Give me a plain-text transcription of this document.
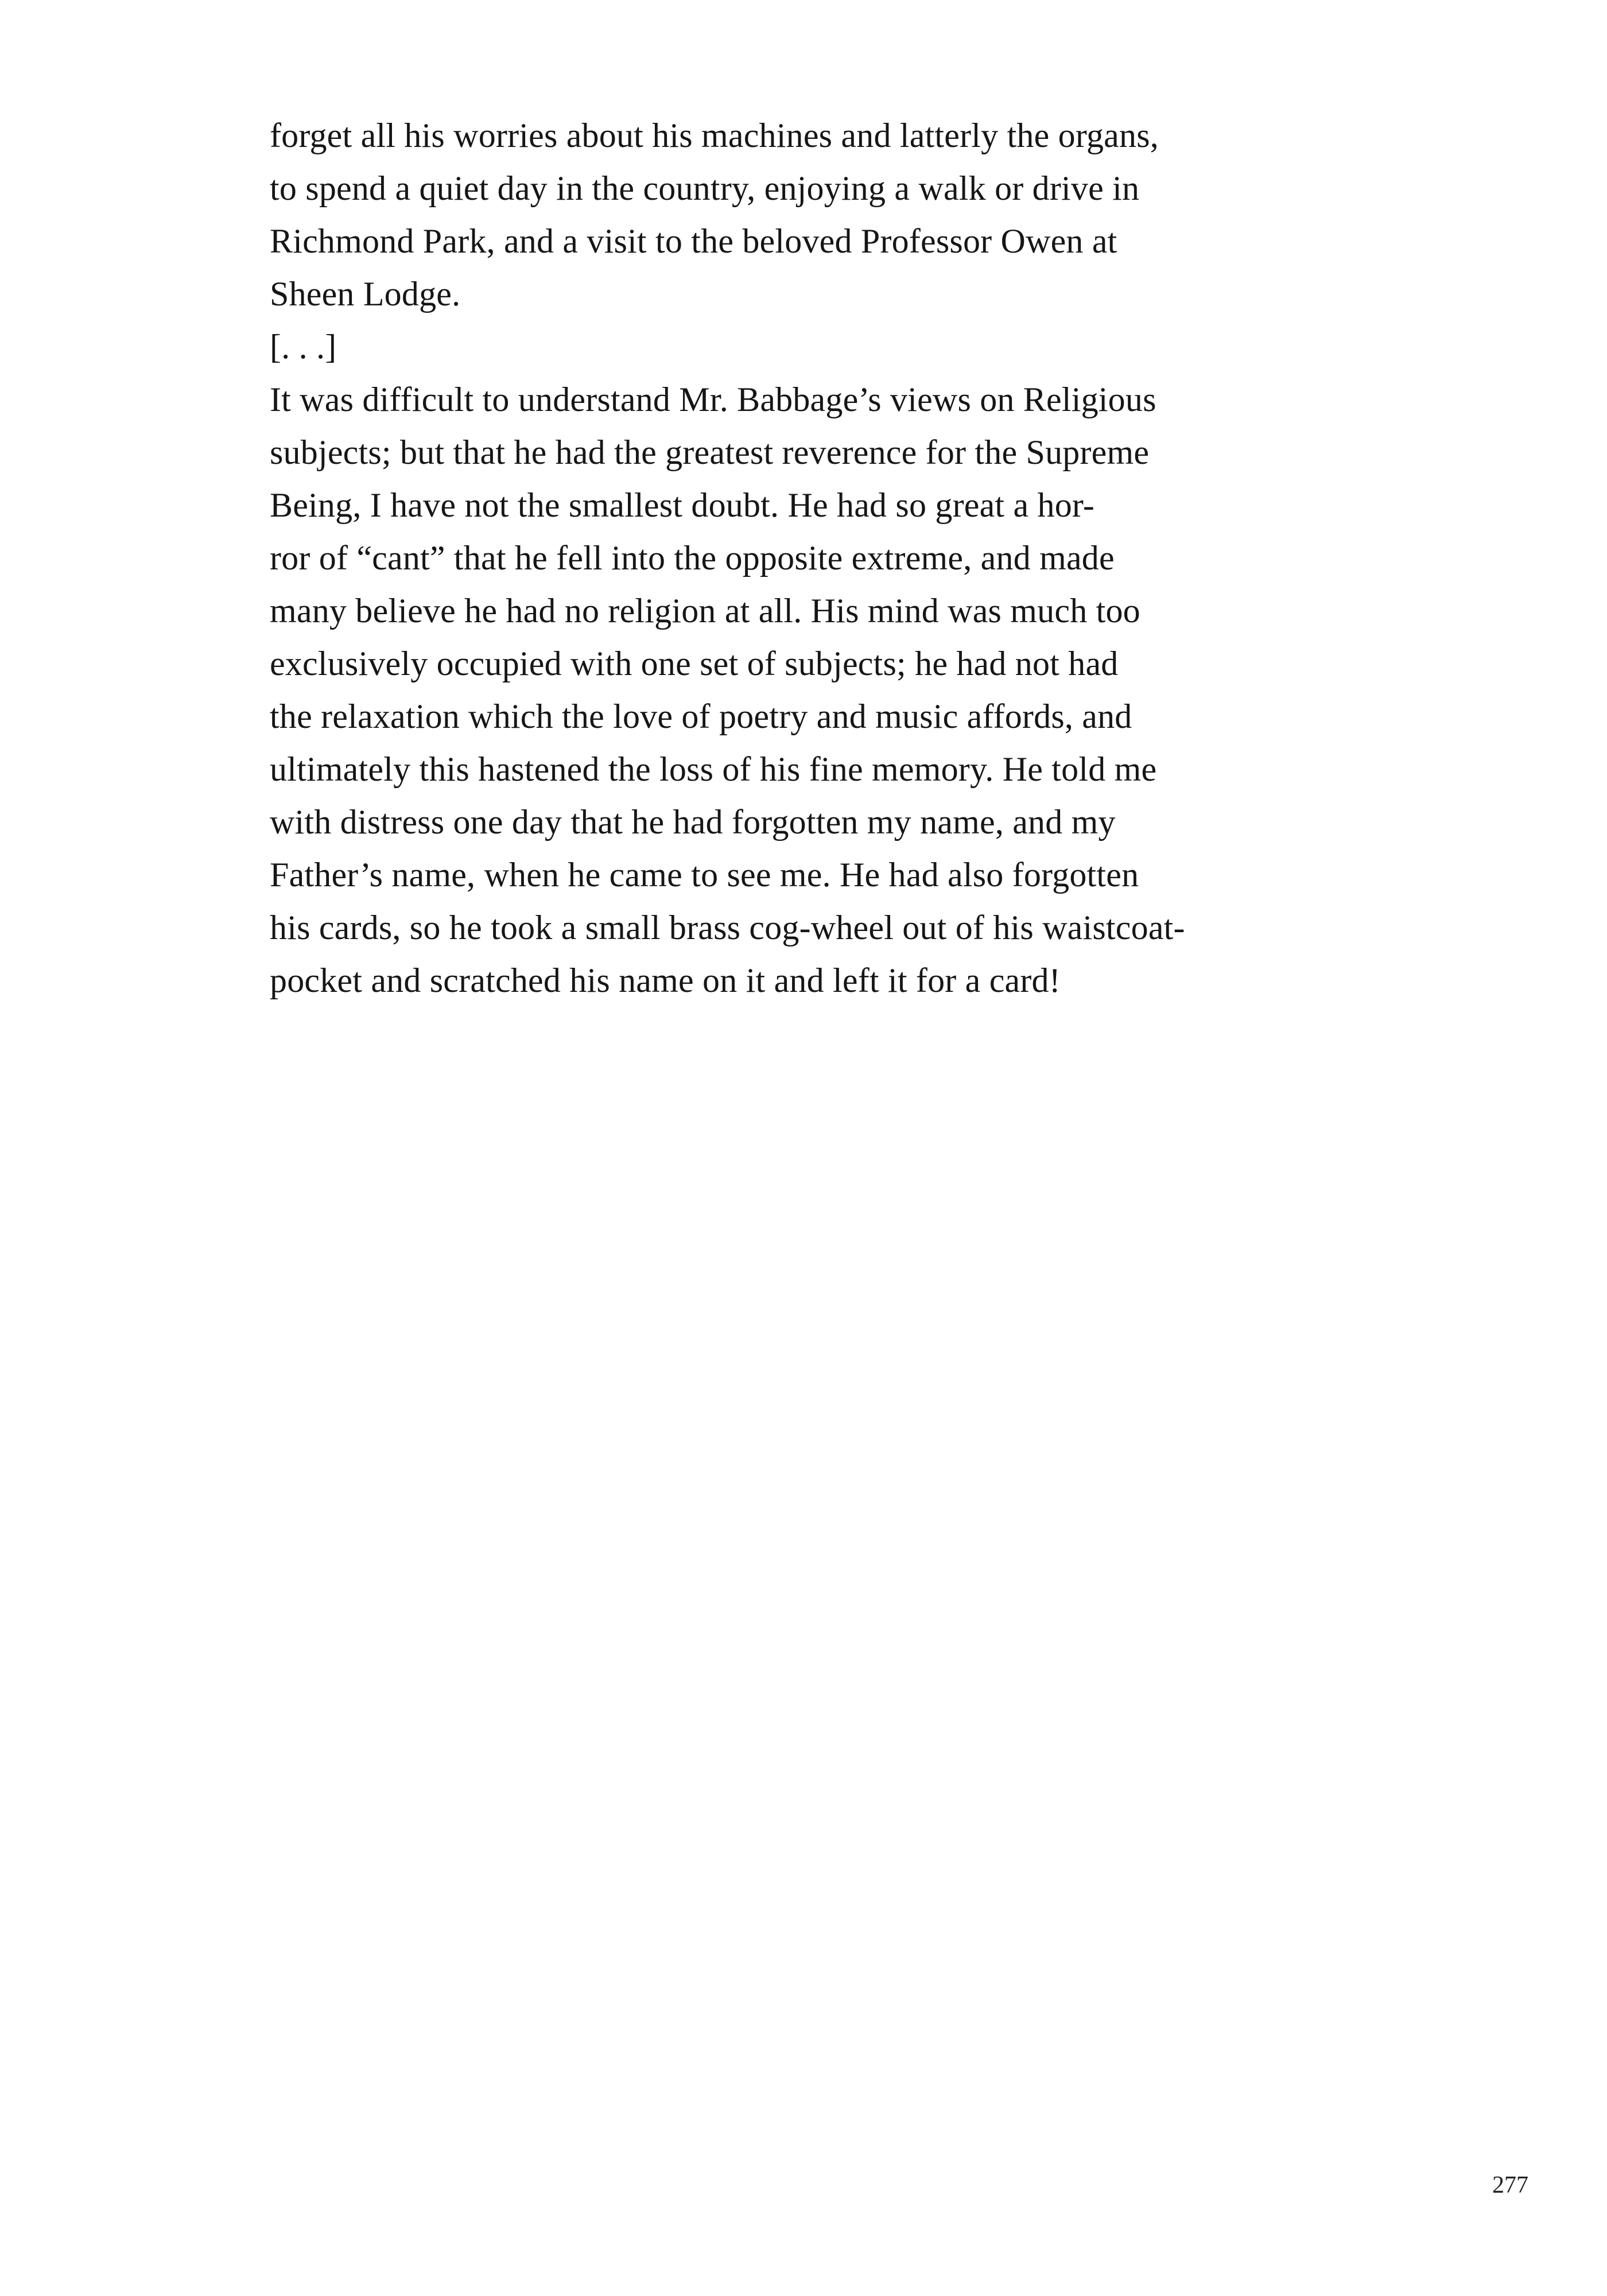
forget all his worries about his machines and latterly the organs,
to spend a quiet day in the country, enjoying a walk or drive in
Richmond Park, and a visit to the beloved Professor Owen at
Sheen Lodge.
[. . .]
It was difficult to understand Mr. Babbage’s views on Religious
subjects; but that he had the greatest reverence for the Supreme
Being, I have not the smallest doubt. He had so great a hor-
ror of “cant” that he fell into the opposite extreme, and made
many believe he had no religion at all. His mind was much too
exclusively occupied with one set of subjects; he had not had
the relaxation which the love of poetry and music affords, and
ultimately this hastened the loss of his fine memory. He told me
with distress one day that he had forgotten my name, and my
Father’s name, when he came to see me. He had also forgotten
his cards, so he took a small brass cog-wheel out of his waistcoat-
pocket and scratched his name on it and left it for a card!
277
